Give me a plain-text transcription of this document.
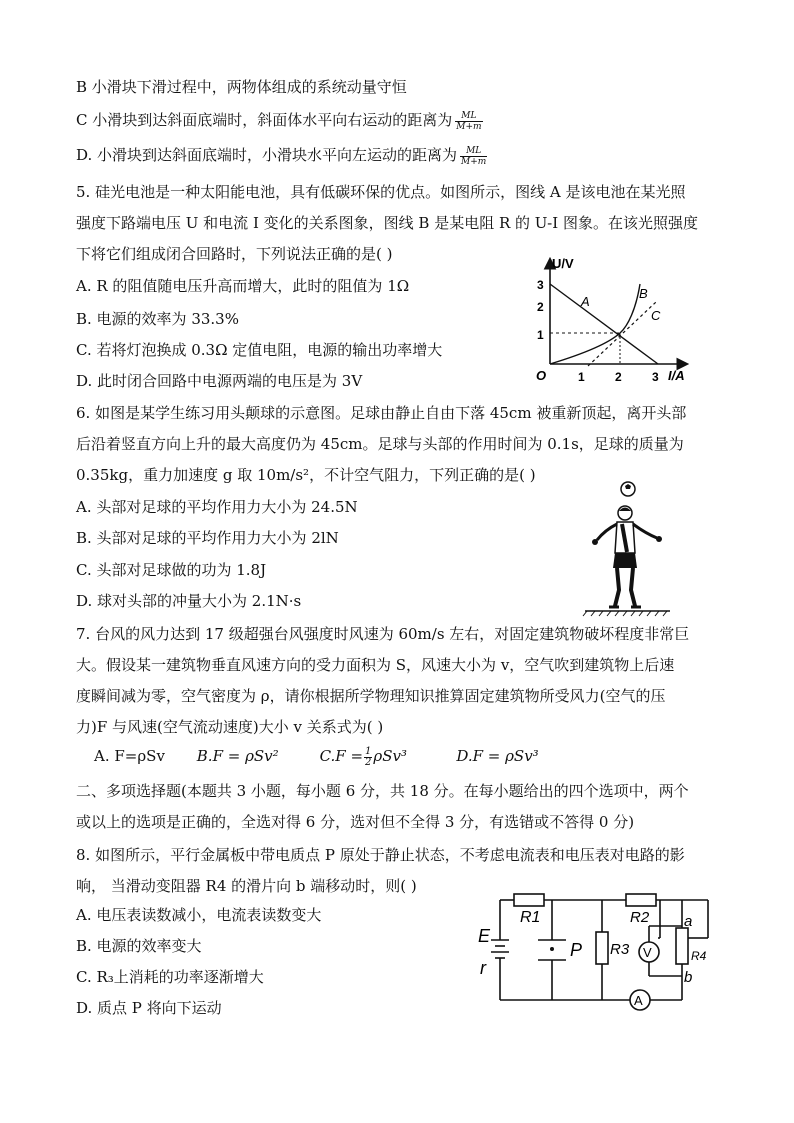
B 小滑块下滑过程中，两物体组成的系统动量守恒
C 小滑块到达斜面底端时，斜面体水平向右运动的距离为 $\frac{ML}{M+m}$
D. 小滑块到达斜面底端时，小滑块水平向左运动的距离为 $\frac{ML}{M+m}$
5. 硅光电池是一种太阳能电池，具有低碳环保的优点。如图所示，图线 A 是该电池在某光照
强度下路端电压 U 和电流 I 变化的关系图象，图线 B 是某电阻 R 的 U-I 图象。在该光照强度
下将它们组成闭合回路时，下列说法正确的是( )
A. R 的阻值随电压升高而增大，此时的阻值为 1Ω
B. 电源的效率为 33.3%
C. 若将灯泡换成 0.3Ω 定值电阻，电源的输出功率增大
D. 此时闭合回路中电源两端的电压是为 3V
U/V
I/A
O	1	2	3
1
2
3
A
B
C
6. 如图是某学生练习用头颠球的示意图。足球由静止自由下落 45cm 被重新顶起，离开头部
后沿着竖直方向上升的最大高度仍为 45cm。足球与头部的作用时间为 0.1s，足球的质量为
0.35kg，重力加速度 g 取 10m/s²，不计空气阻力，下列正确的是( )
A. 头部对足球的平均作用力大小为 24.5N
B. 头部对足球的平均作用力大小为 2lN
C. 头部对足球做的功为 1.8J
D. 球对头部的冲量大小为 2.1N·s
7. 台风的风力达到 17 级超强台风强度时风速为 60m/s 左右，对固定建筑物破坏程度非常巨
大。假设某一建筑物垂直风速方向的受力面积为 S，风速大小为 v，空气吹到建筑物上后速
度瞬间减为零，空气密度为 ρ，请你根据所学物理知识推算固定建筑物所受风力(空气的压
力)F 与风速(空气流动速度)大小 v 关系式为( )
A. F=ρSv B.F = ρSv²	$C.F = \frac{1}{2} \rho Sv^3$	D.F = ρSv³
二、多项选择题(本题共 3 小题，每小题 6 分，共 18 分。在每小题给出的四个选项中，两个
或以上的选项是正确的，全选对得 6 分，选对但不全得 3 分，有选错或不答得 0 分)
8. 如图所示，平行金属板中带电质点 P 原处于静止状态，不考虑电流表和电压表对电路的影
响， 当滑动变阻器 R4 的滑片向 b 端移动时，则( )
A. 电压表读数减小，电流表读数变大
B. 电源的效率变大
C. R₃上消耗的功率逐渐增大
D. 质点 P 将向下运动
E
r
R1
P R3
R2 a
V	R4
b
A
